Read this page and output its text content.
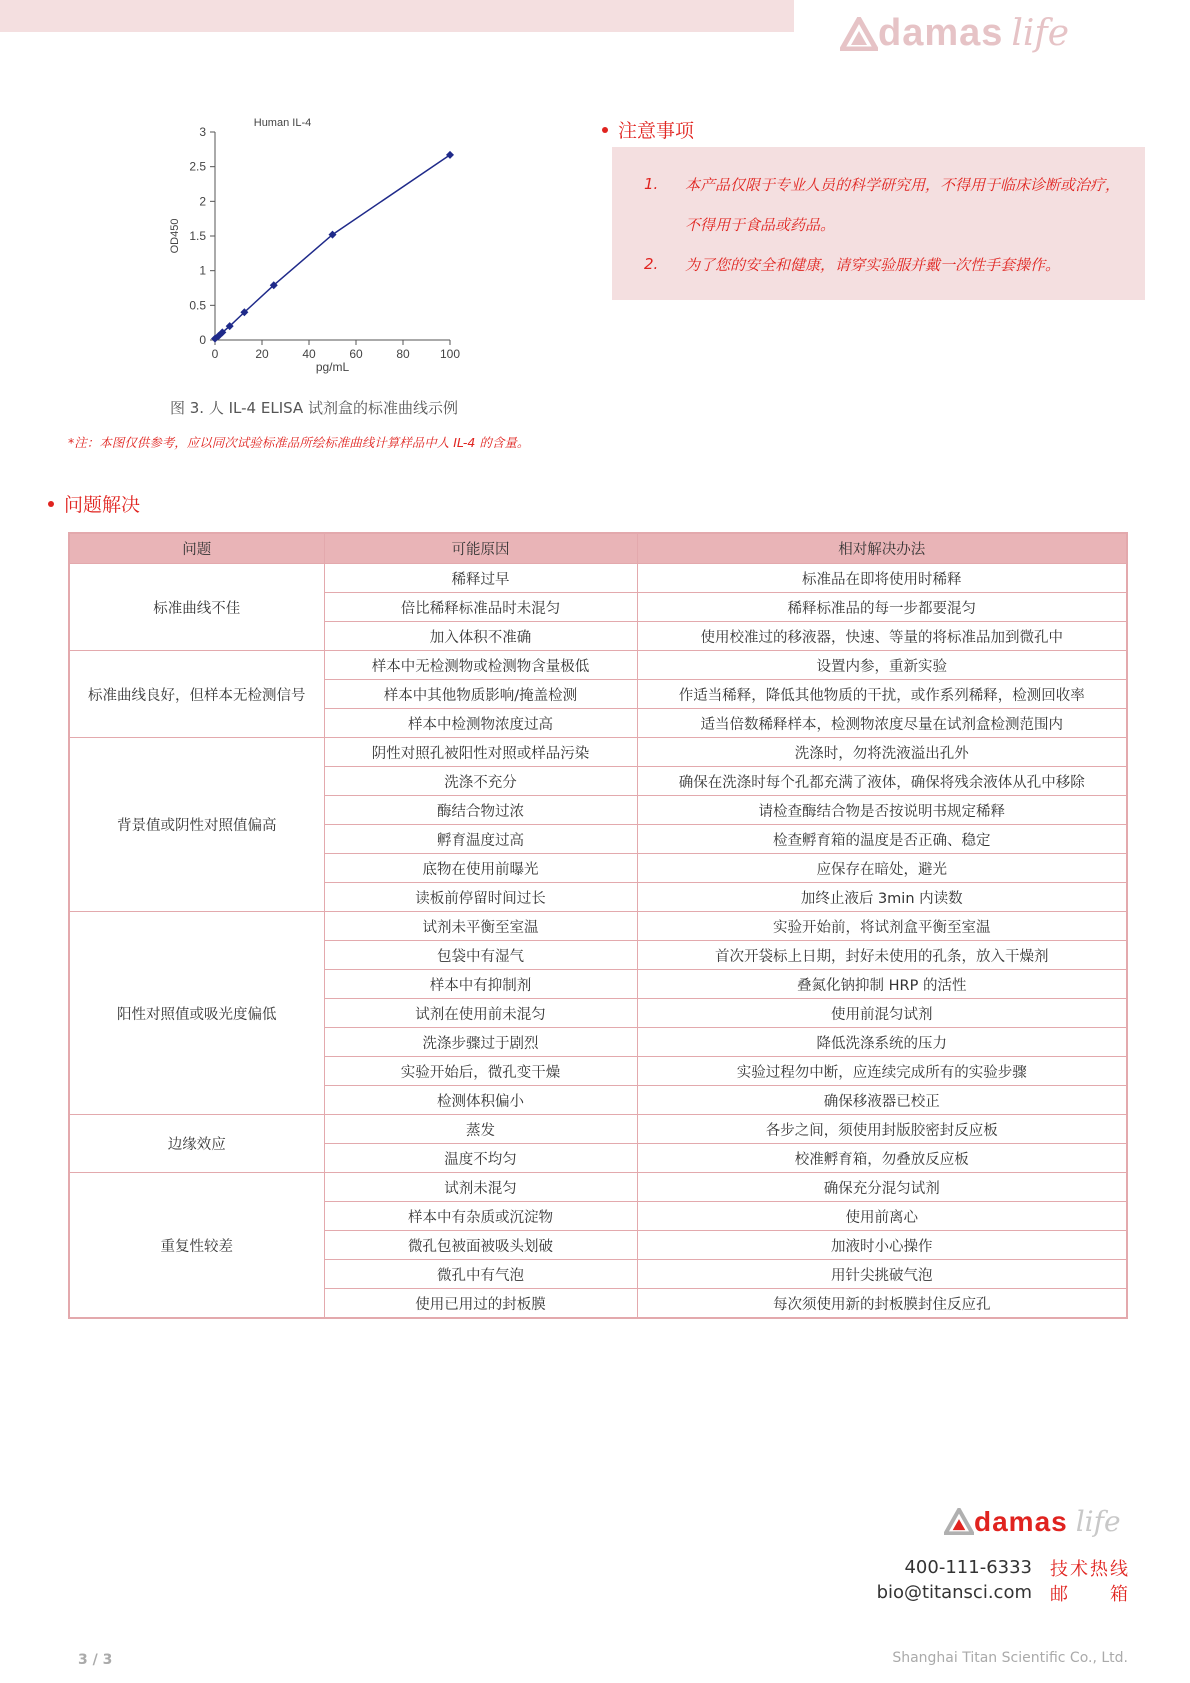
damas life
0
0.5
1
1.5
2
2.5
3
0	20	40	60	80	100
Human IL-4
pg/mL
OD450
图 3. 人 IL-4 ELISA 试剂盒的标准曲线示例
*注：本图仅供参考，应以同次试验标准品所绘标准曲线计算样品中人 IL-4 的含量。
注意事项
1. 本产品仅限于专业人员的科学研究用，不得用于临床诊断或治疗，不得用于食品或药品。
2. 为了您的安全和健康，请穿实验服并戴一次性手套操作。
问题解决
问题	可能原因	相对解决办法
标准曲线不佳	稀释过早	标准品在即将使用时稀释
	倍比稀释标准品时未混匀	稀释标准品的每一步都要混匀
	加入体积不准确	使用校准过的移液器，快速、等量的将标准品加到微孔中
标准曲线良好，但样本无检测信号	样本中无检测物或检测物含量极低	设置内参，重新实验
	样本中其他物质影响/掩盖检测	作适当稀释，降低其他物质的干扰，或作系列稀释，检测回收率
	样本中检测物浓度过高	适当倍数稀释样本，检测物浓度尽量在试剂盒检测范围内
背景值或阴性对照值偏高	阴性对照孔被阳性对照或样品污染	洗涤时，勿将洗液溢出孔外
	洗涤不充分	确保在洗涤时每个孔都充满了液体，确保将残余液体从孔中移除
	酶结合物过浓	请检查酶结合物是否按说明书规定稀释
	孵育温度过高	检查孵育箱的温度是否正确、稳定
	底物在使用前曝光	应保存在暗处，避光
	读板前停留时间过长	加终止液后 3min 内读数
阳性对照值或吸光度偏低	试剂未平衡至室温	实验开始前，将试剂盒平衡至室温
	包袋中有湿气	首次开袋标上日期，封好未使用的孔条，放入干燥剂
	样本中有抑制剂	叠氮化钠抑制 HRP 的活性
	试剂在使用前未混匀	使用前混匀试剂
	洗涤步骤过于剧烈	降低洗涤系统的压力
	实验开始后，微孔变干燥	实验过程勿中断，应连续完成所有的实验步骤
	检测体积偏小	确保移液器已校正
边缘效应	蒸发	各步之间，须使用封版胶密封反应板
	温度不均匀	校准孵育箱，勿叠放反应板
重复性较差	试剂未混匀	确保充分混匀试剂
	样本中有杂质或沉淀物	使用前离心
	微孔包被面被吸头划破	加液时小心操作
	微孔中有气泡	用针尖挑破气泡
	使用已用过的封板膜	每次须使用新的封板膜封住反应孔
damas life
400-111-6333 技术热线
bio@titansci.com 邮箱
3 / 3	Shanghai Titan Scientific Co., Ltd.
